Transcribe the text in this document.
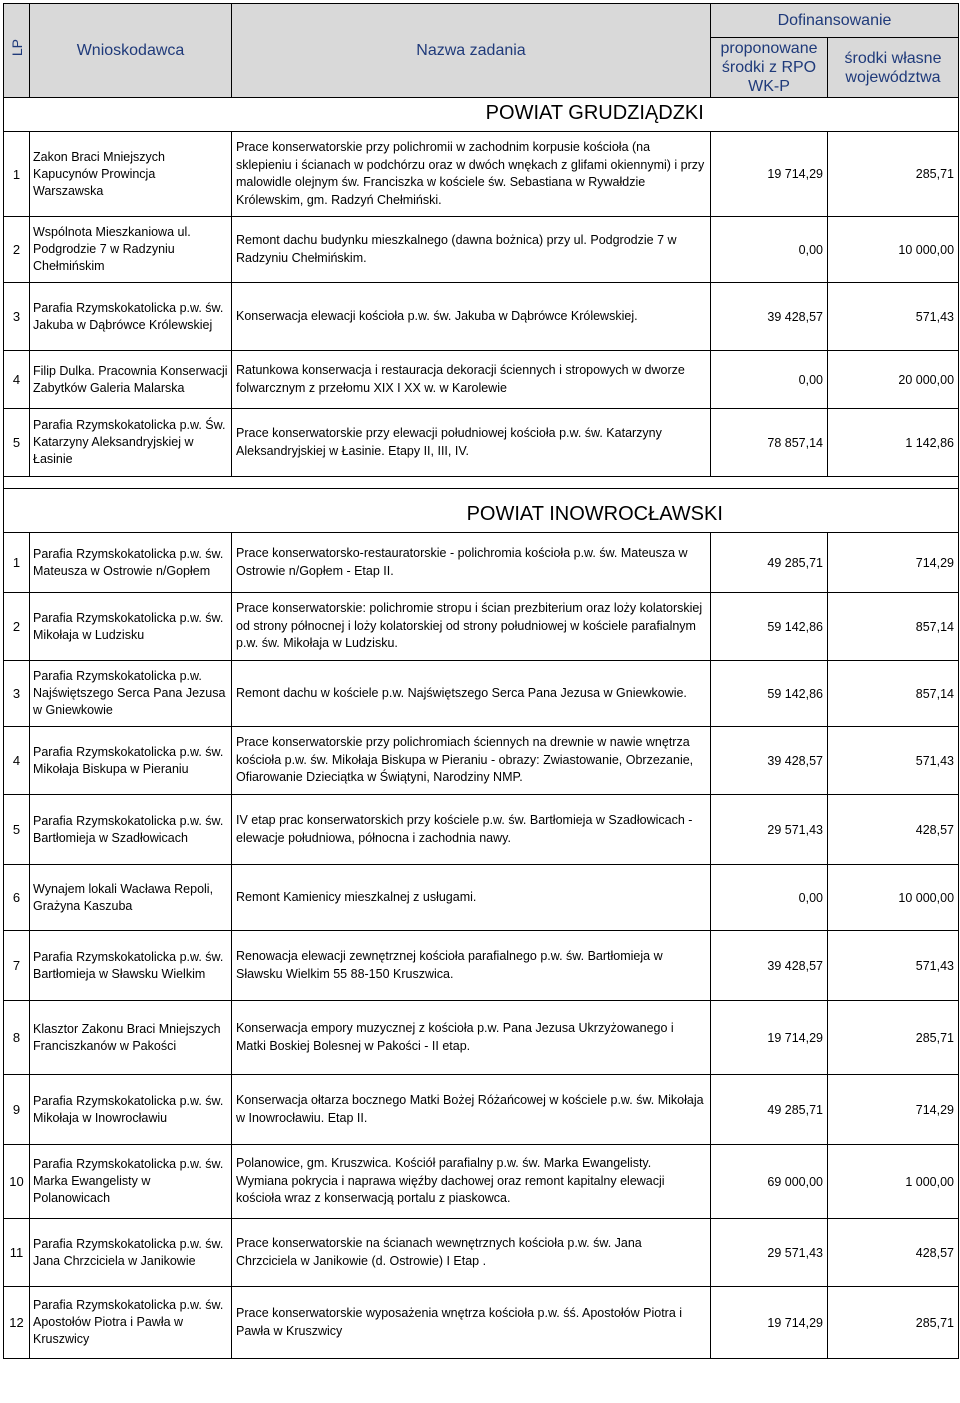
LP	Wnioskodawca	Nazwa zadania	Dofinansowanie	
			proponowane środki z RPO WK-P	środki własne województwa
		POWIAT GRUDZIĄDZKI		
1	Zakon Braci Mniejszych Kapucynów Prowincja Warszawska	Prace konserwatorskie przy polichromii w zachodnim korpusie kościoła (na sklepieniu i ścianach w podchórzu oraz w dwóch wnękach z glifami okiennymi) i przy malowidle olejnym św. Franciszka w kościele św. Sebastiana w Rywałdzie Królewskim, gm. Radzyń Chełmiński.	19 714,29	285,71
2	Wspólnota Mieszkaniowa ul. Podgrodzie 7 w Radzyniu Chełmińskim	Remont dachu budynku mieszkalnego (dawna bożnica) przy ul. Podgrodzie 7 w Radzyniu Chełmińskim.	0,00	10 000,00
3	Parafia Rzymskokatolicka p.w. św. Jakuba w Dąbrówce Królewskiej	Konserwacja elewacji kościoła p.w. św. Jakuba w Dąbrówce Królewskiej.	39 428,57	571,43
4	Filip Dulka. Pracownia Konserwacji Zabytków Galeria Malarska	Ratunkowa konserwacja i restauracja dekoracji ściennych i stropowych w dworze folwarcznym z przełomu XIX I XX w. w Karolewie	0,00	20 000,00
5	Parafia Rzymskokatolicka p.w. Św. Katarzyny Aleksandryjskiej w Łasinie	Prace konserwatorskie przy elewacji południowej kościoła p.w. św. Katarzyny Aleksandryjskiej w Łasinie. Etapy II, III, IV.	78 857,14	1 142,86

		POWIAT INOWROCŁAWSKI		
1	Parafia Rzymskokatolicka p.w. św. Mateusza w Ostrowie n/Gopłem	Prace konserwatorsko-restauratorskie - polichromia kościoła p.w. św. Mateusza w Ostrowie n/Gopłem - Etap II.	49 285,71	714,29
2	Parafia Rzymskokatolicka p.w. św. Mikołaja w Ludzisku	Prace konserwatorskie: polichromie stropu i ścian prezbiterium oraz loży kolatorskiej od strony północnej i loży kolatorskiej od strony południowej w kościele parafialnym p.w. św. Mikołaja w Ludzisku.	59 142,86	857,14
3	Parafia Rzymskokatolicka p.w. Najświętszego Serca Pana Jezusa w Gniewkowie	Remont dachu w kościele p.w. Najświętszego Serca Pana Jezusa w Gniewkowie.	59 142,86	857,14
4	Parafia Rzymskokatolicka p.w. św. Mikołaja Biskupa w Pieraniu	Prace konserwatorskie przy polichromiach ściennych na drewnie w nawie wnętrza kościoła p.w. św. Mikołaja Biskupa w Pieraniu - obrazy: Zwiastowanie, Obrzezanie, Ofiarowanie Dzieciątka w Świątyni, Narodziny NMP.	39 428,57	571,43
5	Parafia Rzymskokatolicka p.w. św. Bartłomieja w Szadłowicach	IV etap prac konserwatorskich przy kościele p.w. św. Bartłomieja w Szadłowicach - elewacje południowa, północna i zachodnia nawy.	29 571,43	428,57
6	Wynajem lokali Wacława Repoli, Grażyna Kaszuba	Remont Kamienicy mieszkalnej z usługami.	0,00	10 000,00
7	Parafia Rzymskokatolicka p.w. św. Bartłomieja w Sławsku Wielkim	Renowacja elewacji zewnętrznej kościoła parafialnego p.w. św. Bartłomieja w Sławsku Wielkim 55 88-150 Kruszwica.	39 428,57	571,43
8	Klasztor Zakonu Braci Mniejszych Franciszkanów w Pakości	Konserwacja empory muzycznej z kościoła p.w. Pana Jezusa Ukrzyżowanego i Matki Boskiej Bolesnej w Pakości - II etap.	19 714,29	285,71
9	Parafia Rzymskokatolicka p.w. św. Mikołaja w Inowrocławiu	Konserwacja ołtarza bocznego Matki Bożej Różańcowej w kościele p.w. św. Mikołaja w Inowrocławiu. Etap II.	49 285,71	714,29
10	Parafia Rzymskokatolicka p.w. św. Marka Ewangelisty w Polanowicach	Polanowice, gm. Kruszwica. Kościół parafialny p.w. św. Marka Ewangelisty. Wymiana pokrycia i naprawa więźby dachowej oraz remont kapitalny elewacji kościoła wraz z konserwacją portalu z piaskowca.	69 000,00	1 000,00
11	Parafia Rzymskokatolicka p.w. św. Jana Chrzciciela w Janikowie	Prace konserwatorskie na ścianach wewnętrznych kościoła p.w. św. Jana Chrzciciela w Janikowie (d. Ostrowie) I Etap .	29 571,43	428,57
12	Parafia Rzymskokatolicka p.w. św. Apostołów Piotra i Pawła w Kruszwicy	Prace konserwatorskie wyposażenia wnętrza kościoła p.w. śś. Apostołów Piotra i Pawła w Kruszwicy	19 714,29	285,71
